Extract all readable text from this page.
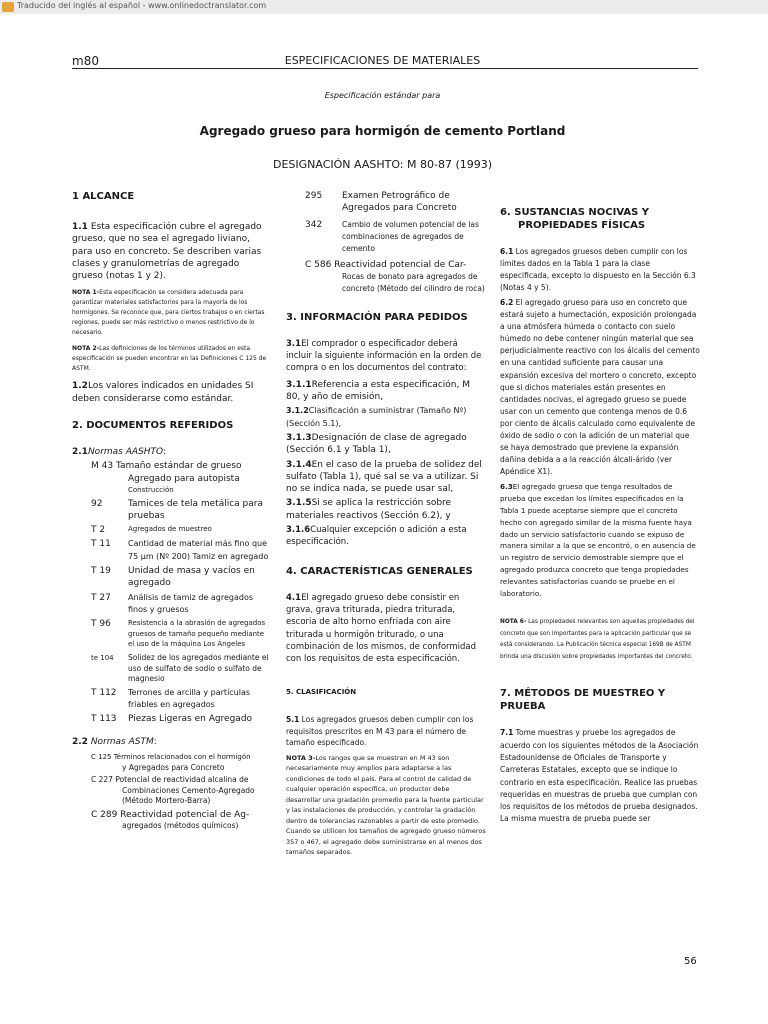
Traducido del inglés al español - www.onlinedoctranslator.com
m80	ESPECIFICACIONES DE MATERIALES
Especificación estándar para
Agregado grueso para hormigón de cemento Portland
DESIGNACIÓN AASHTO: M 80-87 (1993)

1 ALCANCE

1.1 Esta especificación cubre el agregado grueso, que no sea el agregado liviano, para uso en concreto. Se describen varias clases y granulometrías de agregado grueso (notas 1 y 2).

NOTA 1-Esta especificación se considera adecuada para garantizar materiales satisfactorios para la mayoría de los hormigones. Se reconoce que, para ciertos trabajos o en ciertas regiones, puede ser más restrictivo o menos restrictivo de lo necesario.

NOTA 2-Las definiciones de los términos utilizados en esta especificación se pueden encontrar en las Definiciones C 125 de ASTM.

1.2Los valores indicados en unidades SI deben considerarse como estándar.

2. DOCUMENTOS REFERIDOS

2.1Normas AASHTO:

M 43 Tamaño estándar de grueso

Agregado para autopista

Construcción

92	Tamices de tela metálica para pruebas
T 2	Agregados de muestreo
T 11	Cantidad de material más fino que 75 µm (Nº 200) Tamiz en agregado
T 19	Unidad de masa y vacíos en agregado
T 27	Análisis de tamiz de agregados finos y gruesos
T 96	Resistencia a la abrasión de agregados gruesos de tamaño pequeño mediante el uso de la máquina Los Ángeles
te 104	Solidez de los agregados mediante el uso de sulfato de sodio o sulfato de magnesio
T 112	Terrones de arcilla y partículas friables en agregados
T 113	Piezas Ligeras en Agregado

2.2 Normas ASTM:

C 125 Términos relacionados con el hormigón

y Agregados para Concreto

C 227 Potencial de reactividad alcalina de

Combinaciones Cemento-Agregado

(Método Mortero-Barra)

C 289 Reactividad potencial de Ag-

agregados (métodos químicos)

295	Examen Petrográfico de Agregados para Concreto
342	Cambio de volumen potencial de las combinaciones de agregados de cemento

C 586 Reactividad potencial de Car-

Rocas de bonato para agregados de concreto (Método del cilindro de roca)

3. INFORMACIÓN PARA PEDIDOS

3.1El comprador o especificador deberá incluir la siguiente información en la orden de compra o en los documentos del contrato:

3.1.1Referencia a esta especificación, M 80, y año de emisión,

3.1.2Clasificación a suministrar (Tamaño Nº) (Sección 5.1),

3.1.3Designación de clase de agregado (Sección 6.1 y Tabla 1),

3.1.4En el caso de la prueba de solidez del sulfato (Tabla 1), qué sal se va a utilizar. Si no se indica nada, se puede usar sal,

3.1.5Si se aplica la restricción sobre materiales reactivos (Sección 6.2), y

3.1.6Cualquier excepción o adición a esta especificación.

4. CARACTERÍSTICAS GENERALES

4.1El agregado grueso debe consistir en grava, grava triturada, piedra triturada, escoria de alto horno enfriada con aire triturada u hormigón triturado, o una combinación de los mismos, de conformidad con los requisitos de esta especificación.

5. CLASIFICACIÓN

5.1 Los agregados gruesos deben cumplir con los requisitos prescritos en M 43 para el número de tamaño especificado.

NOTA 3-Los rangos que se muestran en M 43 son necesariamente muy amplios para adaptarse a las condiciones de todo el país. Para el control de calidad de cualquier operación específica, un productor debe desarrollar una gradación promedio para la fuente particular y las instalaciones de producción, y controlar la gradación dentro de tolerancias razonables a partir de este promedio. Cuando se utilicen los tamaños de agregado grueso números 357 o 467, el agregado debe suministrarse en al menos dos tamaños separados.

6. SUSTANCIAS NOCIVAS Y

PROPIEDADES FÍSICAS

6.1 Los agregados gruesos deben cumplir con los límites dados en la Tabla 1 para la clase especificada, excepto lo dispuesto en la Sección 6.3 (Notas 4 y 5).

6.2 El agregado grueso para uso en concreto que estará sujeto a humectación, exposición prolongada a una atmósfera húmeda o contacto con suelo húmedo no debe contener ningún material que sea perjudicialmente reactivo con los álcalis del cemento en una cantidad suficiente para causar una expansión excesiva del mortero o concreto, excepto que si dichos materiales están presentes en cantidades nocivas, el agregado grueso se puede usar con un cemento que contenga menos de 0.6 por ciento de álcalis calculado como equivalente de óxido de sodio o con la adición de un material que se haya demostrado que previene la expansión dañina debida a a la reacción álcali-árido (ver Apéndice X1).

6.3El agregado grueso que tenga resultados de prueba que excedan los límites especificados en la Tabla 1 puede aceptarse siempre que el concreto hecho con agregado similar de la misma fuente haya dado un servicio satisfactorio cuando se expuso de manera similar a la que se encontró, o en ausencia de un registro de servicio demostrable siempre que el agregado produzca concreto que tenga propiedades relevantes satisfactorias cuando se pruebe en el laboratorio.

NOTA 6- Las propiedades relevantes son aquellas propiedades del concreto que son importantes para la aplicación particular que se está considerando. La Publicación técnica especial 169B de ASTM brinda una discusión sobre propiedades importantes del concreto.

7. MÉTODOS DE MUESTREO Y

PRUEBA

7.1 Tome muestras y pruebe los agregados de acuerdo con los siguientes métodos de la Asociación Estadounidense de Oficiales de Transporte y Carreteras Estatales, excepto que se indique lo contrario en esta especificación. Realice las pruebas requeridas en muestras de prueba que cumplan con los requisitos de los métodos de prueba designados. La misma muestra de prueba puede ser

56
